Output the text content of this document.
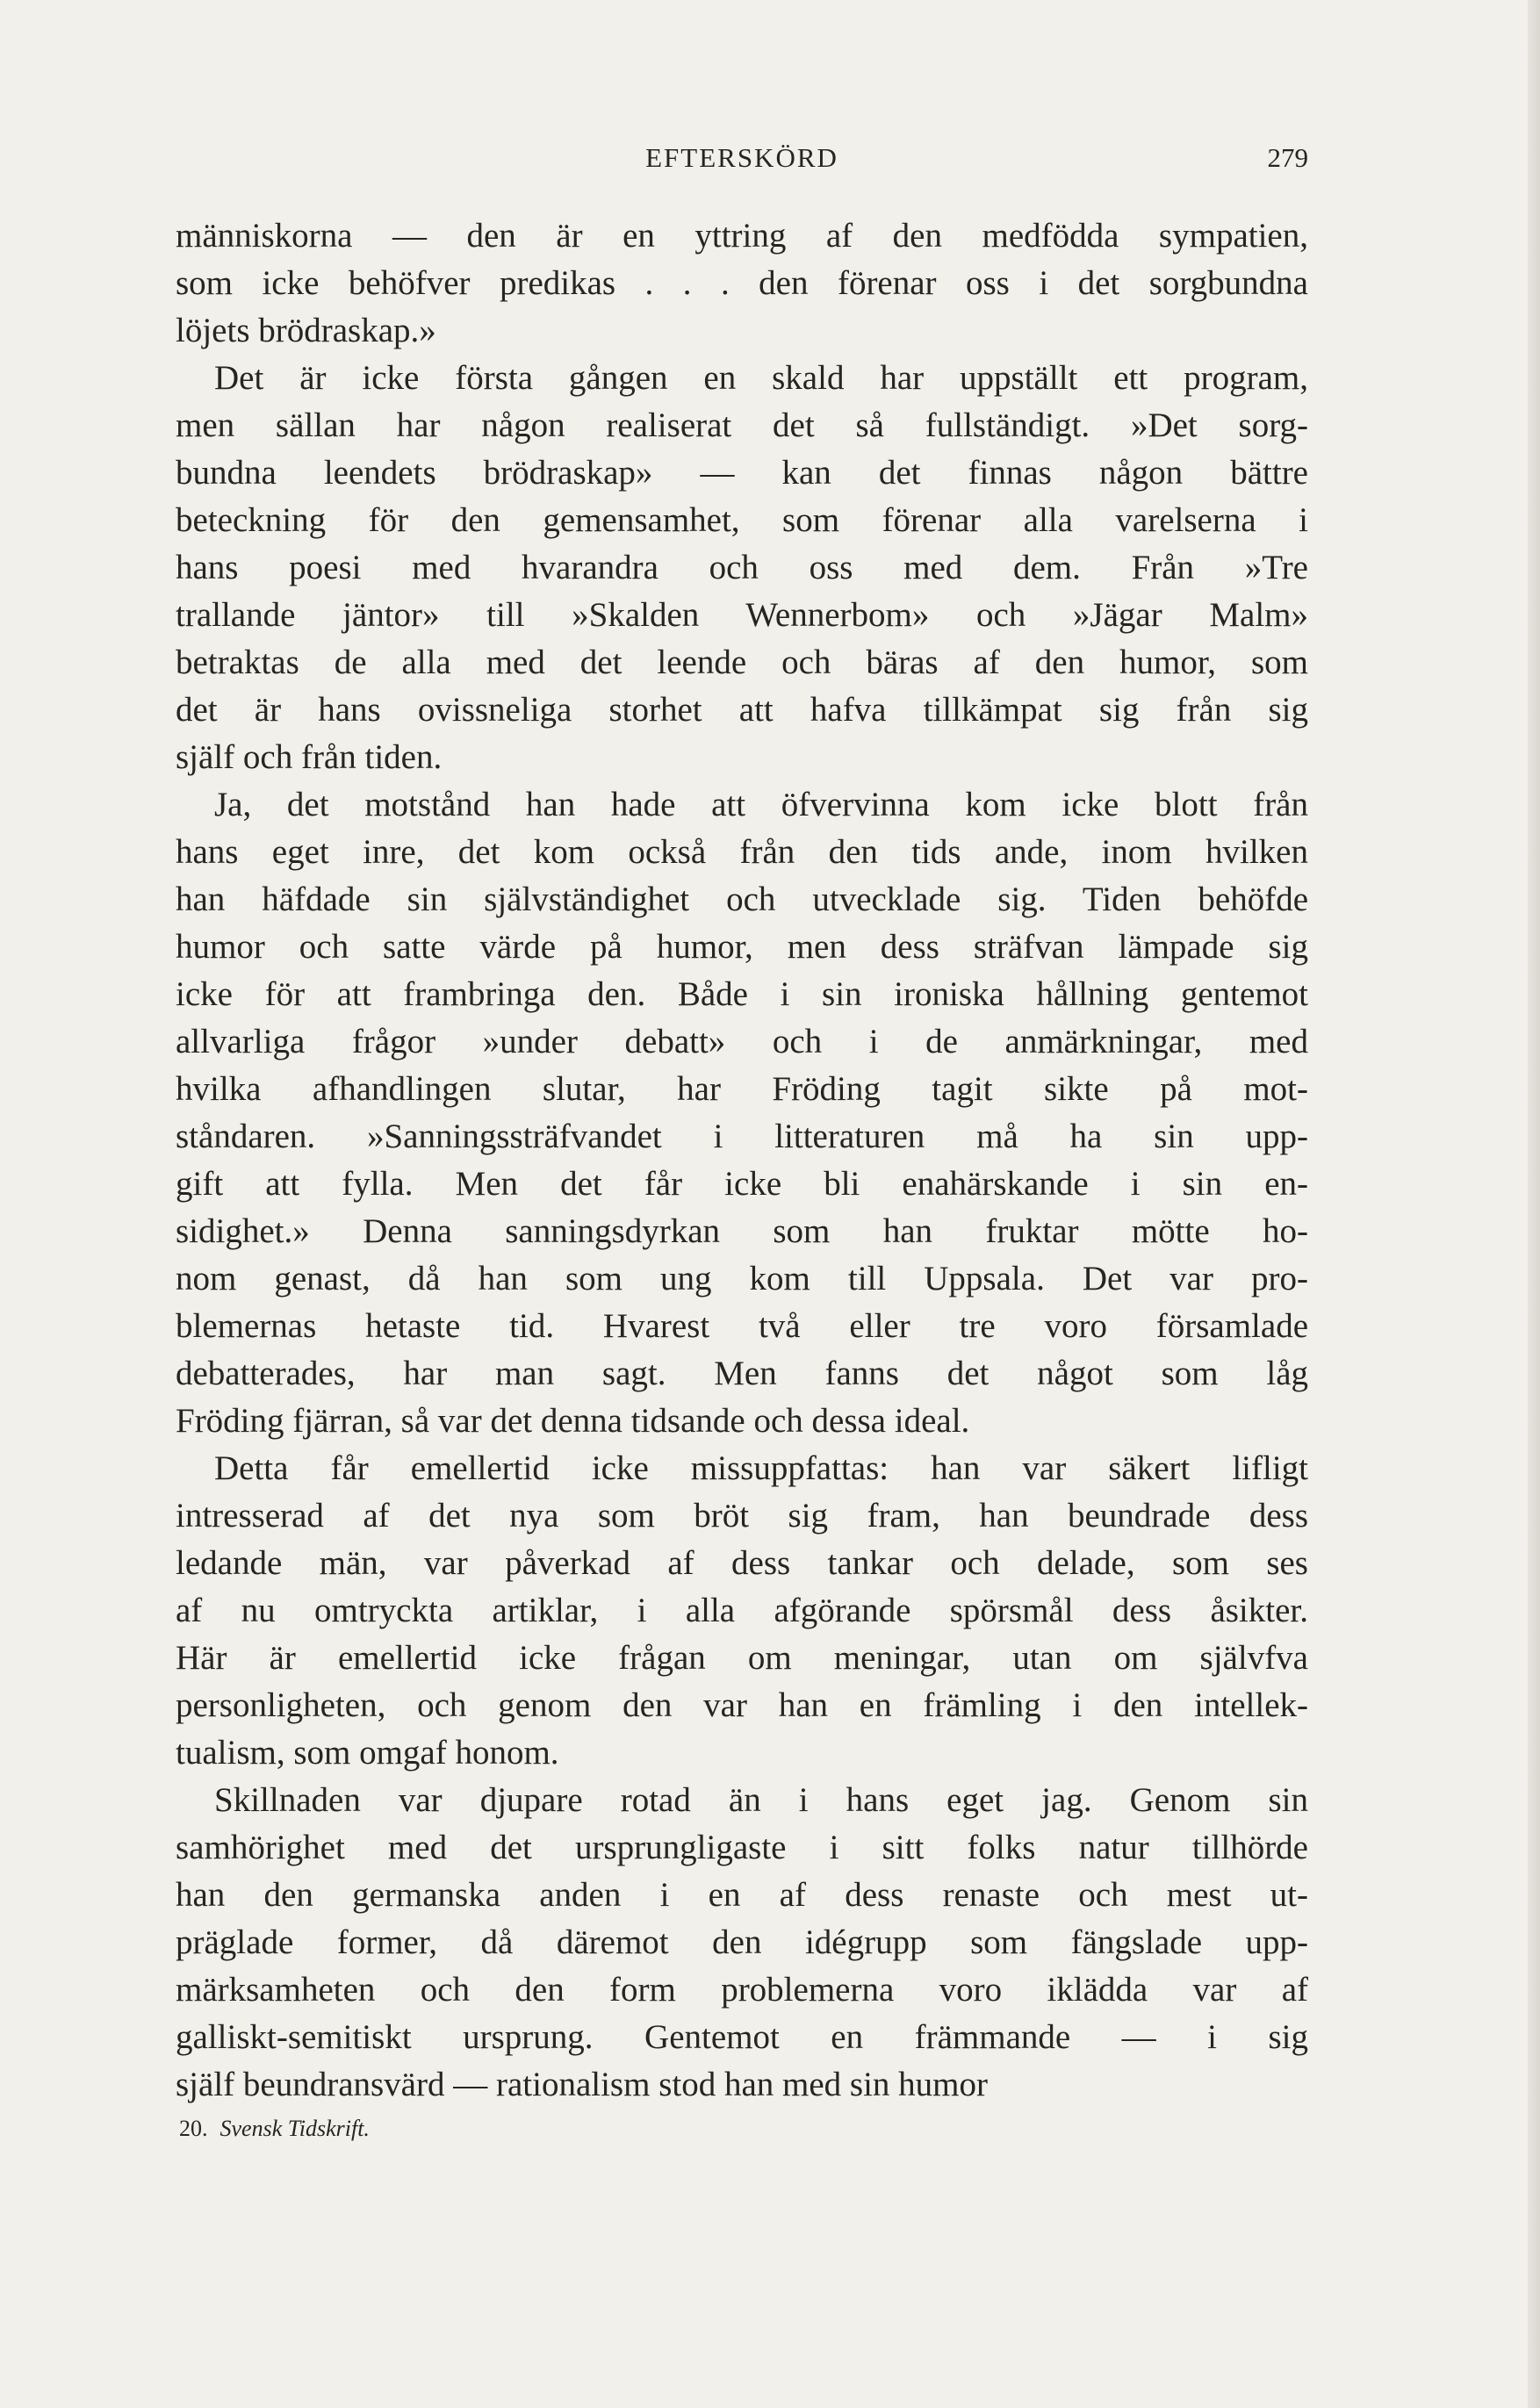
EFTERSKÖRD	279
människorna — den är en yttring af den medfödda sympatien,
som icke behöfver predikas . . . den förenar oss i det sorgbundna
löjets brödraskap.»
Det är icke första gången en skald har uppställt ett program,
men sällan har någon realiserat det så fullständigt. »Det sorg-
bundna leendets brödraskap» — kan det finnas någon bättre
beteckning för den gemensamhet, som förenar alla varelserna i
hans poesi med hvarandra och oss med dem. Från »Tre
trallande jäntor» till »Skalden Wennerbom» och »Jägar Malm»
betraktas de alla med det leende och bäras af den humor, som
det är hans ovissneliga storhet att hafva tillkämpat sig från sig
själf och från tiden.
Ja, det motstånd han hade att öfvervinna kom icke blott från
hans eget inre, det kom också från den tids ande, inom hvilken
han häfdade sin självständighet och utvecklade sig. Tiden behöfde
humor och satte värde på humor, men dess sträfvan lämpade sig
icke för att frambringa den. Både i sin ironiska hållning gentemot
allvarliga frågor »under debatt» och i de anmärkningar, med
hvilka afhandlingen slutar, har Fröding tagit sikte på mot-
ståndaren. »Sanningssträfvandet i litteraturen må ha sin upp-
gift att fylla. Men det får icke bli enahärskande i sin en-
sidighet.» Denna sanningsdyrkan som han fruktar mötte ho-
nom genast, då han som ung kom till Uppsala. Det var pro-
blemernas hetaste tid. Hvarest två eller tre voro församlade
debatterades, har man sagt. Men fanns det något som låg
Fröding fjärran, så var det denna tidsande och dessa ideal.
Detta får emellertid icke missuppfattas: han var säkert lifligt
intresserad af det nya som bröt sig fram, han beundrade dess
ledande män, var påverkad af dess tankar och delade, som ses
af nu omtryckta artiklar, i alla afgörande spörsmål dess åsikter.
Här är emellertid icke frågan om meningar, utan om självfva
personligheten, och genom den var han en främling i den intellek-
tualism, som omgaf honom.
Skillnaden var djupare rotad än i hans eget jag. Genom sin
samhörighet med det ursprungligaste i sitt folks natur tillhörde
han den germanska anden i en af dess renaste och mest ut-
präglade former, då däremot den idégrupp som fängslade upp-
märksamheten och den form problemerna voro iklädda var af
galliskt-semitiskt ursprung. Gentemot en främmande — i sig
själf beundransvärd — rationalism stod han med sin humor
20. Svensk Tidskrift.
